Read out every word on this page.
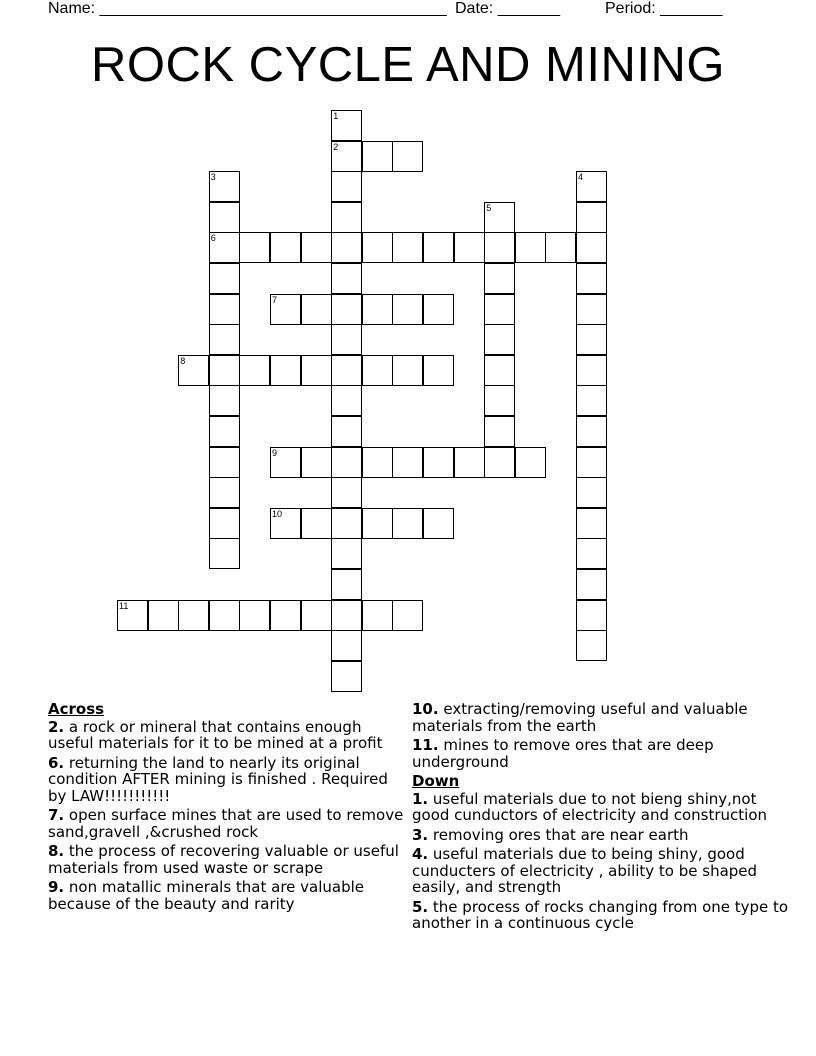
Name: _______________________________________ Date: _______	Period: _______
ROCK CYCLE AND MINING
1
2
3
6
4
5
7
8
9
10
11
Across
2. a rock or mineral that contains enough useful materials for it to be mined at a profit
6. returning the land to nearly its original condition AFTER mining is finished . Required by LAW!!!!!!!!!!!
7. open surface mines that are used to remove sand,gravell ,&crushed rock
8. the process of recovering valuable or useful materials from used waste or scrape
9. non matallic minerals that are valuable because of the beauty and rarity
10. extracting/removing useful and valuable materials from the earth
11. mines to remove ores that are deep underground
Down
1. useful materials due to not bieng shiny,not good cunductors of electricity and construction
3. removing ores that are near earth
4. useful materials due to being shiny, good cunducters of electricity , ability to be shaped easily, and strength
5. the process of rocks changing from one type to another in a continuous cycle
